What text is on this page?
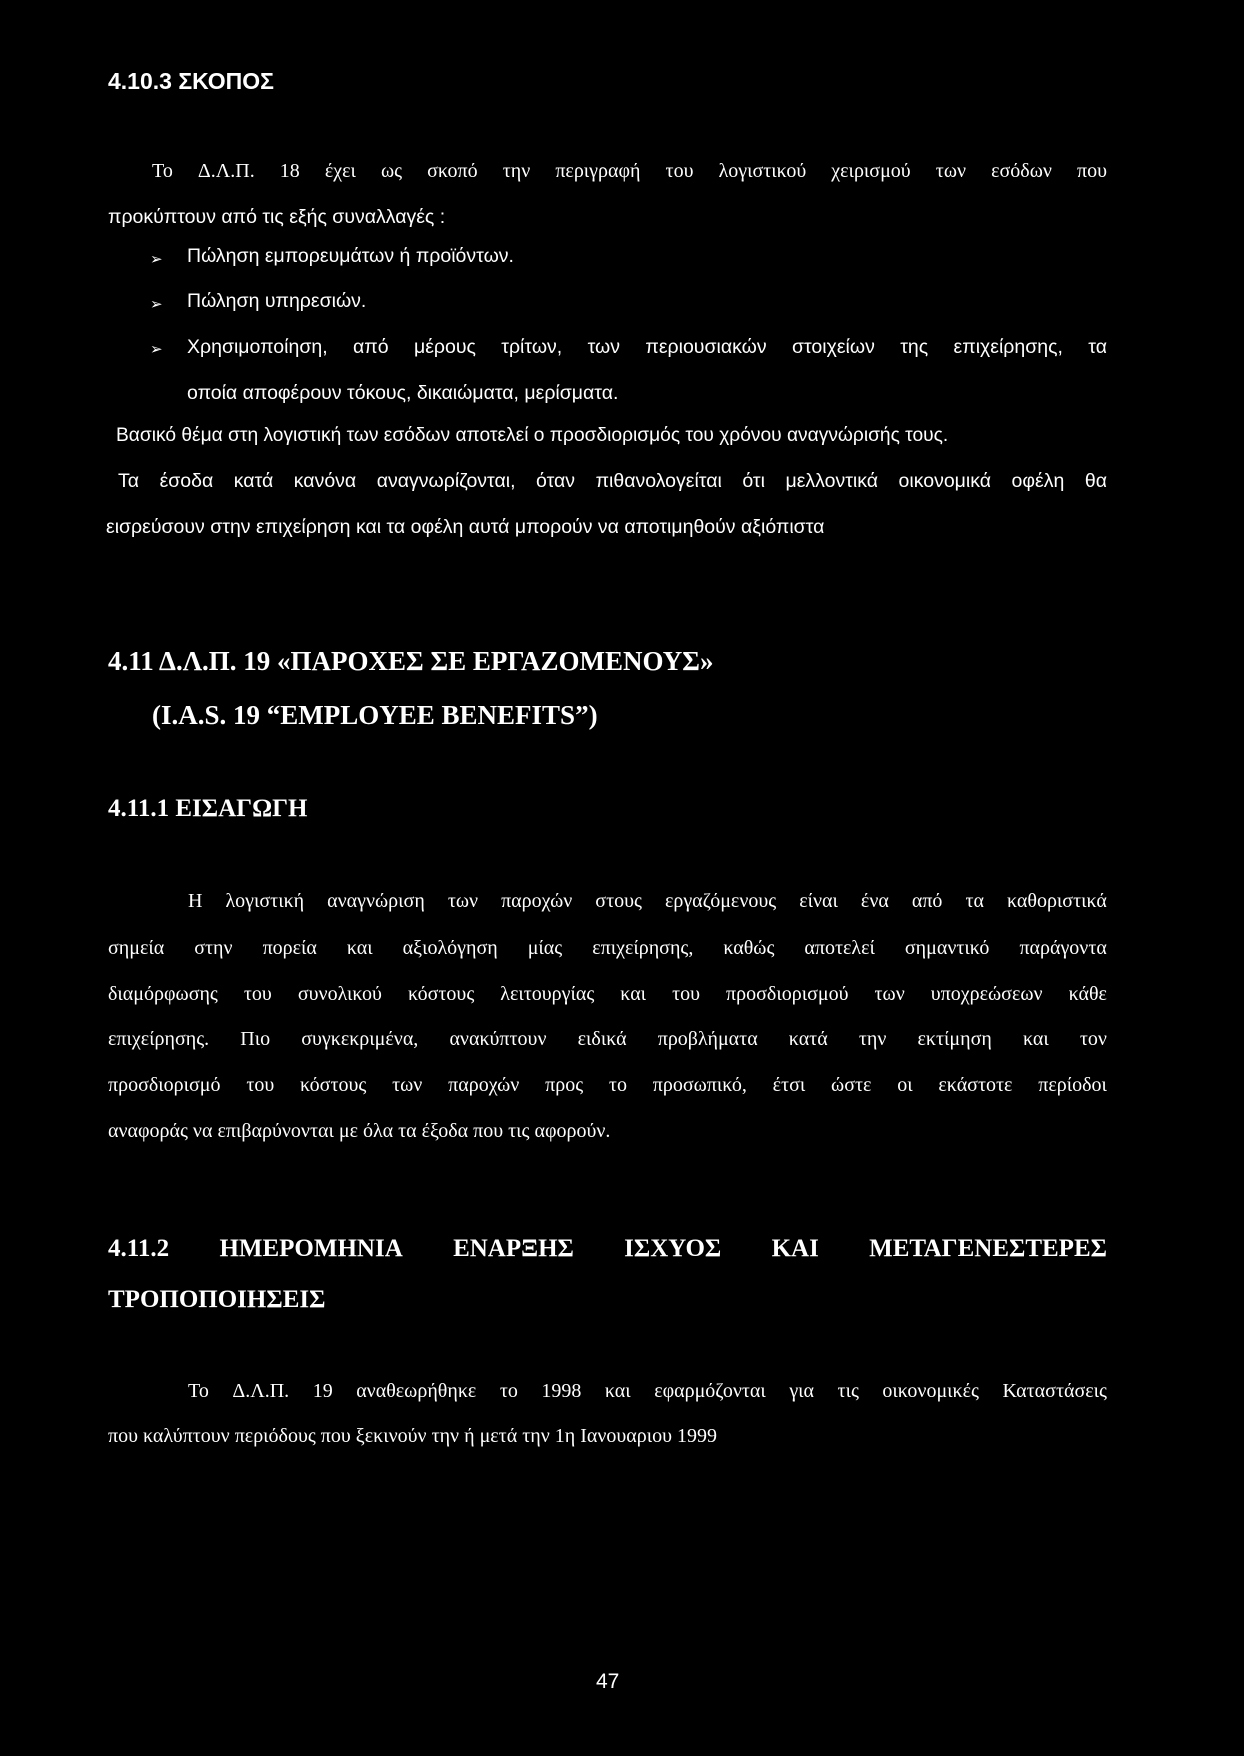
4.10.3 ΣΚΟΠΟΣ
Το Δ.Λ.Π. 18 έχει ως σκοπό την περιγραφή του λογιστικού χειρισμού των εσόδων που
προκύπτουν από τις εξής συναλλαγές :
➢ Πώληση εμπορευμάτων ή προϊόντων.
➢ Πώληση υπηρεσιών.
➢ Χρησιμοποίηση, από μέρους τρίτων, των περιουσιακών στοιχείων της επιχείρησης, τα
οποία αποφέρουν τόκους, δικαιώματα, μερίσματα.
Βασικό θέμα στη λογιστική των εσόδων αποτελεί ο προσδιορισμός του χρόνου αναγνώρισής τους.
Τα έσοδα κατά κανόνα αναγνωρίζονται, όταν πιθανολογείται ότι μελλοντικά οικονομικά οφέλη θα
εισρεύσουν στην επιχείρηση και τα οφέλη αυτά μπορούν να αποτιμηθούν αξιόπιστα
4.11 Δ.Λ.Π. 19 «ΠΑΡΟΧΕΣ ΣΕ ΕΡΓΑΖΟΜΕΝΟΥΣ»
(I.A.S. 19 “EMPLOYEE BENEFITS”)
4.11.1 ΕΙΣΑΓΩΓΗ
Η λογιστική αναγνώριση των παροχών στους εργαζόμενους είναι ένα από τα καθοριστικά
σημεία στην πορεία και αξιολόγηση μίας επιχείρησης, καθώς αποτελεί σημαντικό παράγοντα
διαμόρφωσης του συνολικού κόστους λειτουργίας και του προσδιορισμού των υποχρεώσεων κάθε
επιχείρησης. Πιο συγκεκριμένα, ανακύπτουν ειδικά προβλήματα κατά την εκτίμηση και τον
προσδιορισμό του κόστους των παροχών προς το προσωπικό, έτσι ώστε οι εκάστοτε περίοδοι
αναφοράς να επιβαρύνονται με όλα τα έξοδα που τις αφορούν.
4.11.2 ΗΜΕΡΟΜΗΝΙΑ ΕΝΑΡΞΗΣ ΙΣΧΥΟΣ ΚΑΙ ΜΕΤΑΓΕΝΕΣΤΕΡΕΣ
ΤΡΟΠΟΠΟΙΗΣΕΙΣ
Το Δ.Λ.Π. 19 αναθεωρήθηκε το 1998 και εφαρμόζονται για τις οικονομικές Καταστάσεις
που καλύπτουν περιόδους που ξεκινούν την ή μετά την 1η Ιανουαριου 1999
47
